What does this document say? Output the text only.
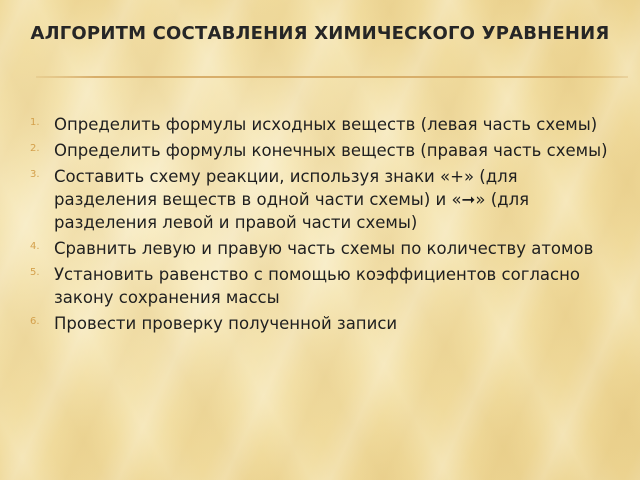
АЛГОРИТМ СОСТАВЛЕНИЯ ХИМИЧЕСКОГО УРАВНЕНИЯ
1. Определить формулы исходных веществ (левая часть схемы)
2. Определить формулы конечных веществ (правая часть схемы)
3. Составить схему реакции, используя знаки «+» (для разделения веществ в одной части схемы) и «➞» (для разделения левой и правой части схемы)
4. Сравнить левую и правую часть схемы по количеству атомов
5. Установить равенство с помощью коэффициентов согласно закону сохранения массы
6. Провести проверку полученной записи
